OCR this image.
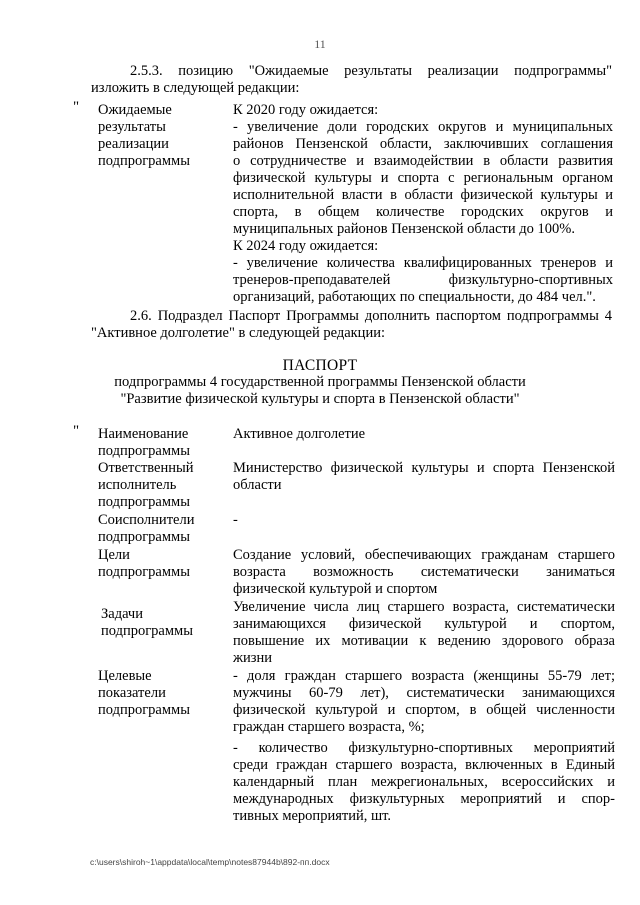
11
2.5.3. позицию "Ожидаемые результаты реализации подпрограммы"
изложить в следующей редакции:
" Ожидаемые
результаты
реализации
подпрограммы
К 2020 году ожидается:
- увеличение доли городских округов и муниципальных
районов Пензенской области, заключивших соглашения
о сотрудничестве и взаимодействии в области развития
физической культуры и спорта с региональным органом
исполнительной власти в области физической культуры и
спорта, в общем количестве городских округов и
муниципальных районов Пензенской области до 100%.
К 2024 году ожидается:
- увеличение количества квалифицированных тренеров и
тренеров-преподавателей физкультурно-спортивных
организаций, работающих по специальности, до 484 чел.".
2.6. Подраздел Паспорт Программы дополнить паспортом подпрограммы 4
"Активное долголетие" в следующей редакции:
ПАСПОРТ
подпрограммы 4 государственной программы Пензенской области
"Развитие физической культуры и спорта в Пензенской области"
" Наименование
подпрограммы
Активное долголетие
Ответственный
исполнитель
подпрограммы
Министерство физической культуры и спорта Пензенской
области
Соисполнители
подпрограммы
-
Цели
подпрограммы
Создание условий, обеспечивающих гражданам старшего
возраста возможность систематически заниматься
физической культурой и спортом
Задачи
подпрограммы
Увеличение числа лиц старшего возраста, систематически
занимающихся физической культурой и спортом,
повышение их мотивации к ведению здорового образа
жизни
Целевые
показатели
подпрограммы
- доля граждан старшего возраста (женщины 55-79 лет;
мужчины 60-79 лет), систематически занимающихся
физической культурой и спортом, в общей численности
граждан старшего возраста, %;
- количество физкультурно-спортивных мероприятий
среди граждан старшего возраста, включенных в Единый
календарный план межрегиональных, всероссийских и
международных физкультурных мероприятий и спор-
тивных мероприятий, шт.
c:\users\shiroh~1\appdata\local\temp\notes87944b\892-пп.docx
